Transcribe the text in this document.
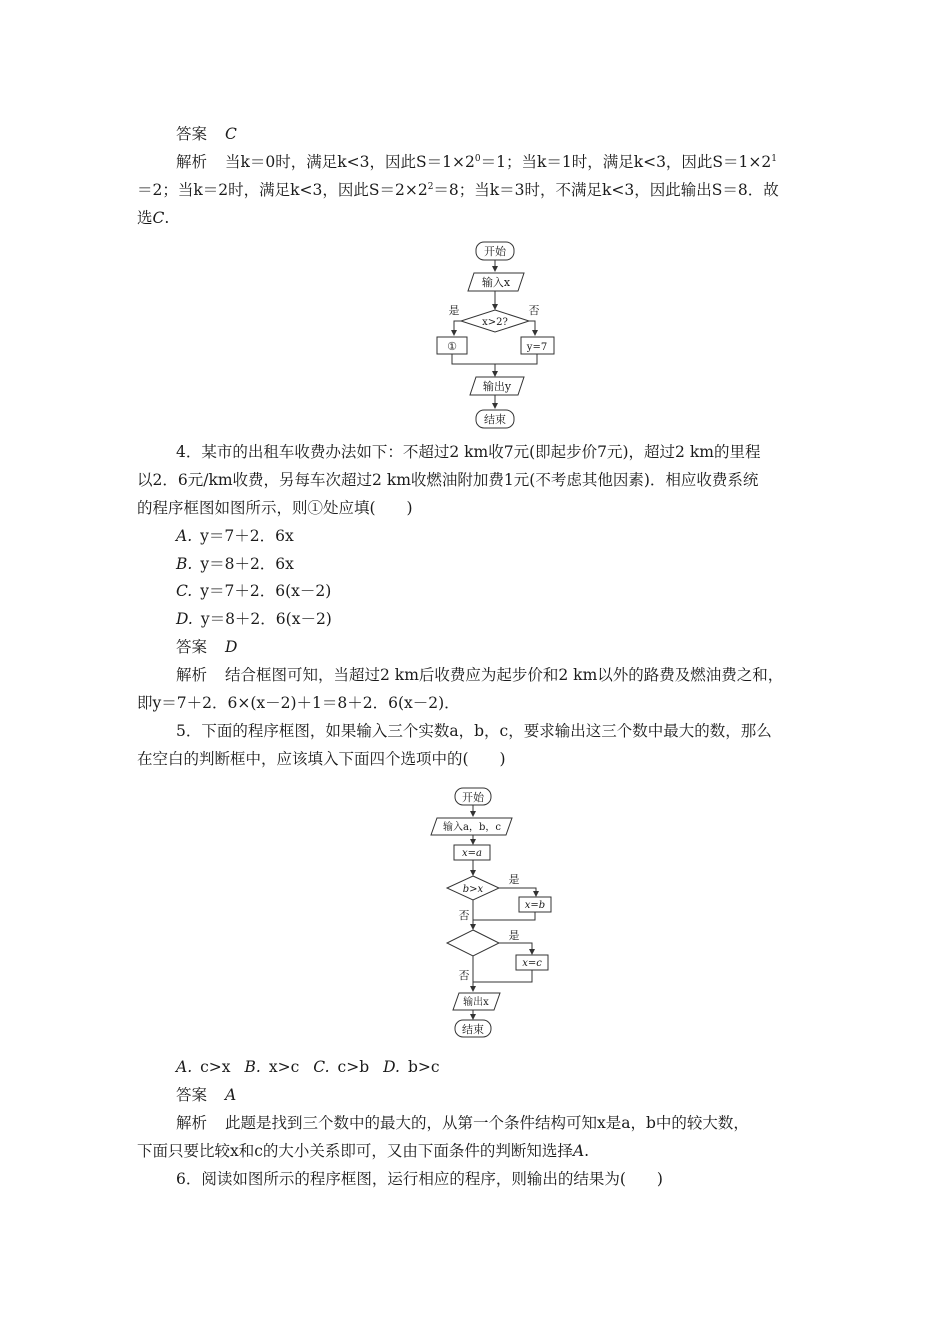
答案 C
解析 当k＝0时，满足k<3，因此$S=1\times 2^0=1$；当k＝1时，满足k<3，因此$S=1\times 2^1$
＝2；当k＝2时，满足k<3，因此$S=2\times 2^2=8$；当k＝3时，不满足k<3，因此输出S＝8．故
选C.
开始
输入x
x>2?
是	否
①	y=7
输出y
结束
4．某市的出租车收费办法如下：不超过2 km收7元(即起步价7元)，超过2 km的里程
以2．6元/km收费，另每车次超过2 km收燃油附加费1元(不考虑其他因素)．相应收费系统
的程序框图如图所示，则①处应填(　　)
A. y＝7＋2．6x
B. y＝8＋2．6x
C. y＝7＋2．6(x－2)
D. y＝8＋2．6(x－2)
答案 D
解析 结合框图可知，当超过2 km后收费应为起步价和2 km以外的路费及燃油费之和，
即y＝7＋2．6×(x－2)＋1＝8＋2．6(x－2)．
5．下面的程序框图，如果输入三个实数a，b，c，要求输出这三个数中最大的数，那么
在空白的判断框中，应该填入下面四个选项中的(　　)
开始
输入a，b，c
x=a
b>x
是
x=b
否
是
x=c
否
输出x
结束
A. c>x B. x>c C. c>b D. b>c
答案 A
解析 此题是找到三个数中的最大的，从第一个条件结构可知x是a，b中的较大数，
下面只要比较x和c的大小关系即可，又由下面条件的判断知选择A.
6．阅读如图所示的程序框图，运行相应的程序，则输出的结果为(　　)
